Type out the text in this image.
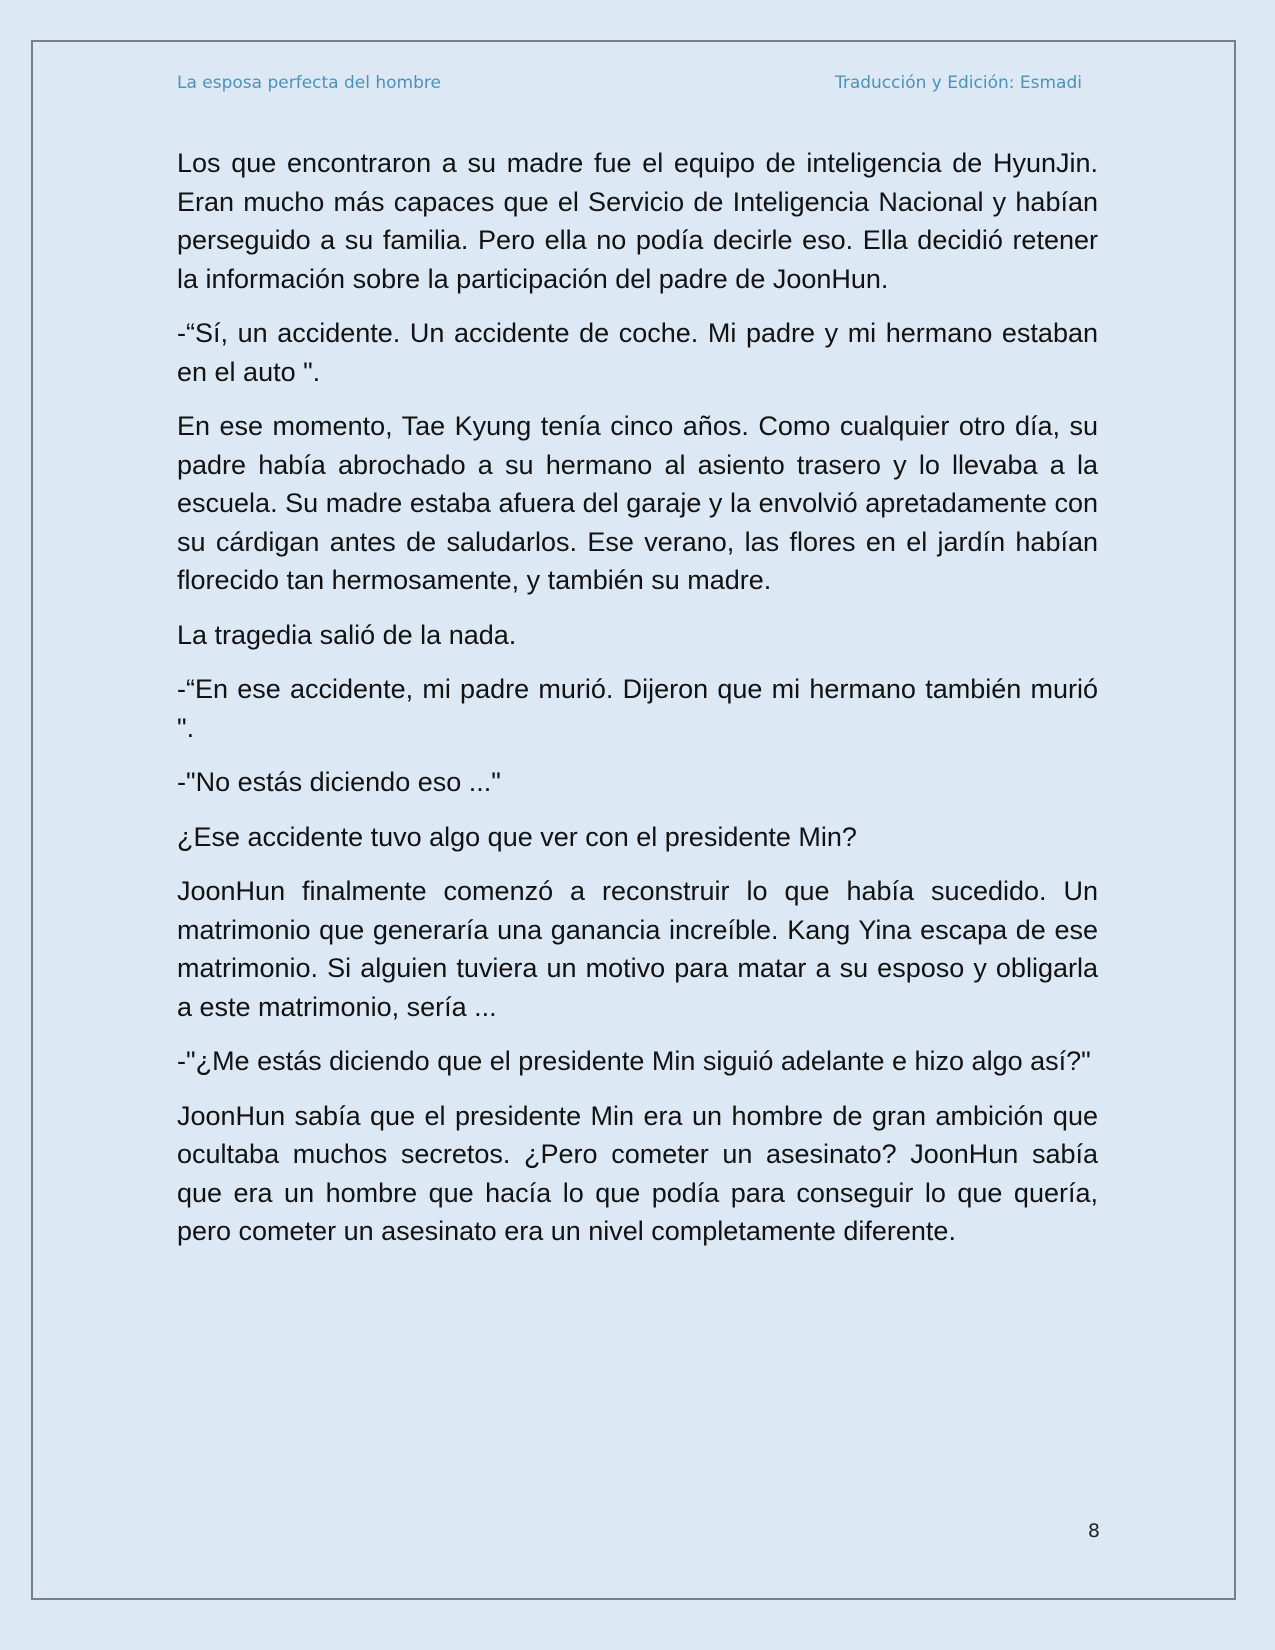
La esposa perfecta del hombre	Traducción y Edición: Esmadi

Los que encontraron a su madre fue el equipo de inteligencia de HyunJin. Eran mucho más capaces que el Servicio de Inteligencia Nacional y habían perseguido a su familia. Pero ella no podía decirle eso. Ella decidió retener la información sobre la participación del padre de JoonHun.

-“Sí, un accidente. Un accidente de coche. Mi padre y mi hermano estaban en el auto ".

En ese momento, Tae Kyung tenía cinco años. Como cualquier otro día, su padre había abrochado a su hermano al asiento trasero y lo llevaba a la escuela. Su madre estaba afuera del garaje y la envolvió apretadamente con su cárdigan antes de saludarlos. Ese verano, las flores en el jardín habían florecido tan hermosamente, y también su madre.

La tragedia salió de la nada.

-“En ese accidente, mi padre murió. Dijeron que mi hermano también murió ".

-"No estás diciendo eso ..."

¿Ese accidente tuvo algo que ver con el presidente Min?

JoonHun finalmente comenzó a reconstruir lo que había sucedido. Un matrimonio que generaría una ganancia increíble. Kang Yina escapa de ese matrimonio. Si alguien tuviera un motivo para matar a su esposo y obligarla a este matrimonio, sería ...

-"¿Me estás diciendo que el presidente Min siguió adelante e hizo algo así?"

JoonHun sabía que el presidente Min era un hombre de gran ambición que ocultaba muchos secretos. ¿Pero cometer un asesinato? JoonHun sabía que era un hombre que hacía lo que podía para conseguir lo que quería, pero cometer un asesinato era un nivel completamente diferente.

8
